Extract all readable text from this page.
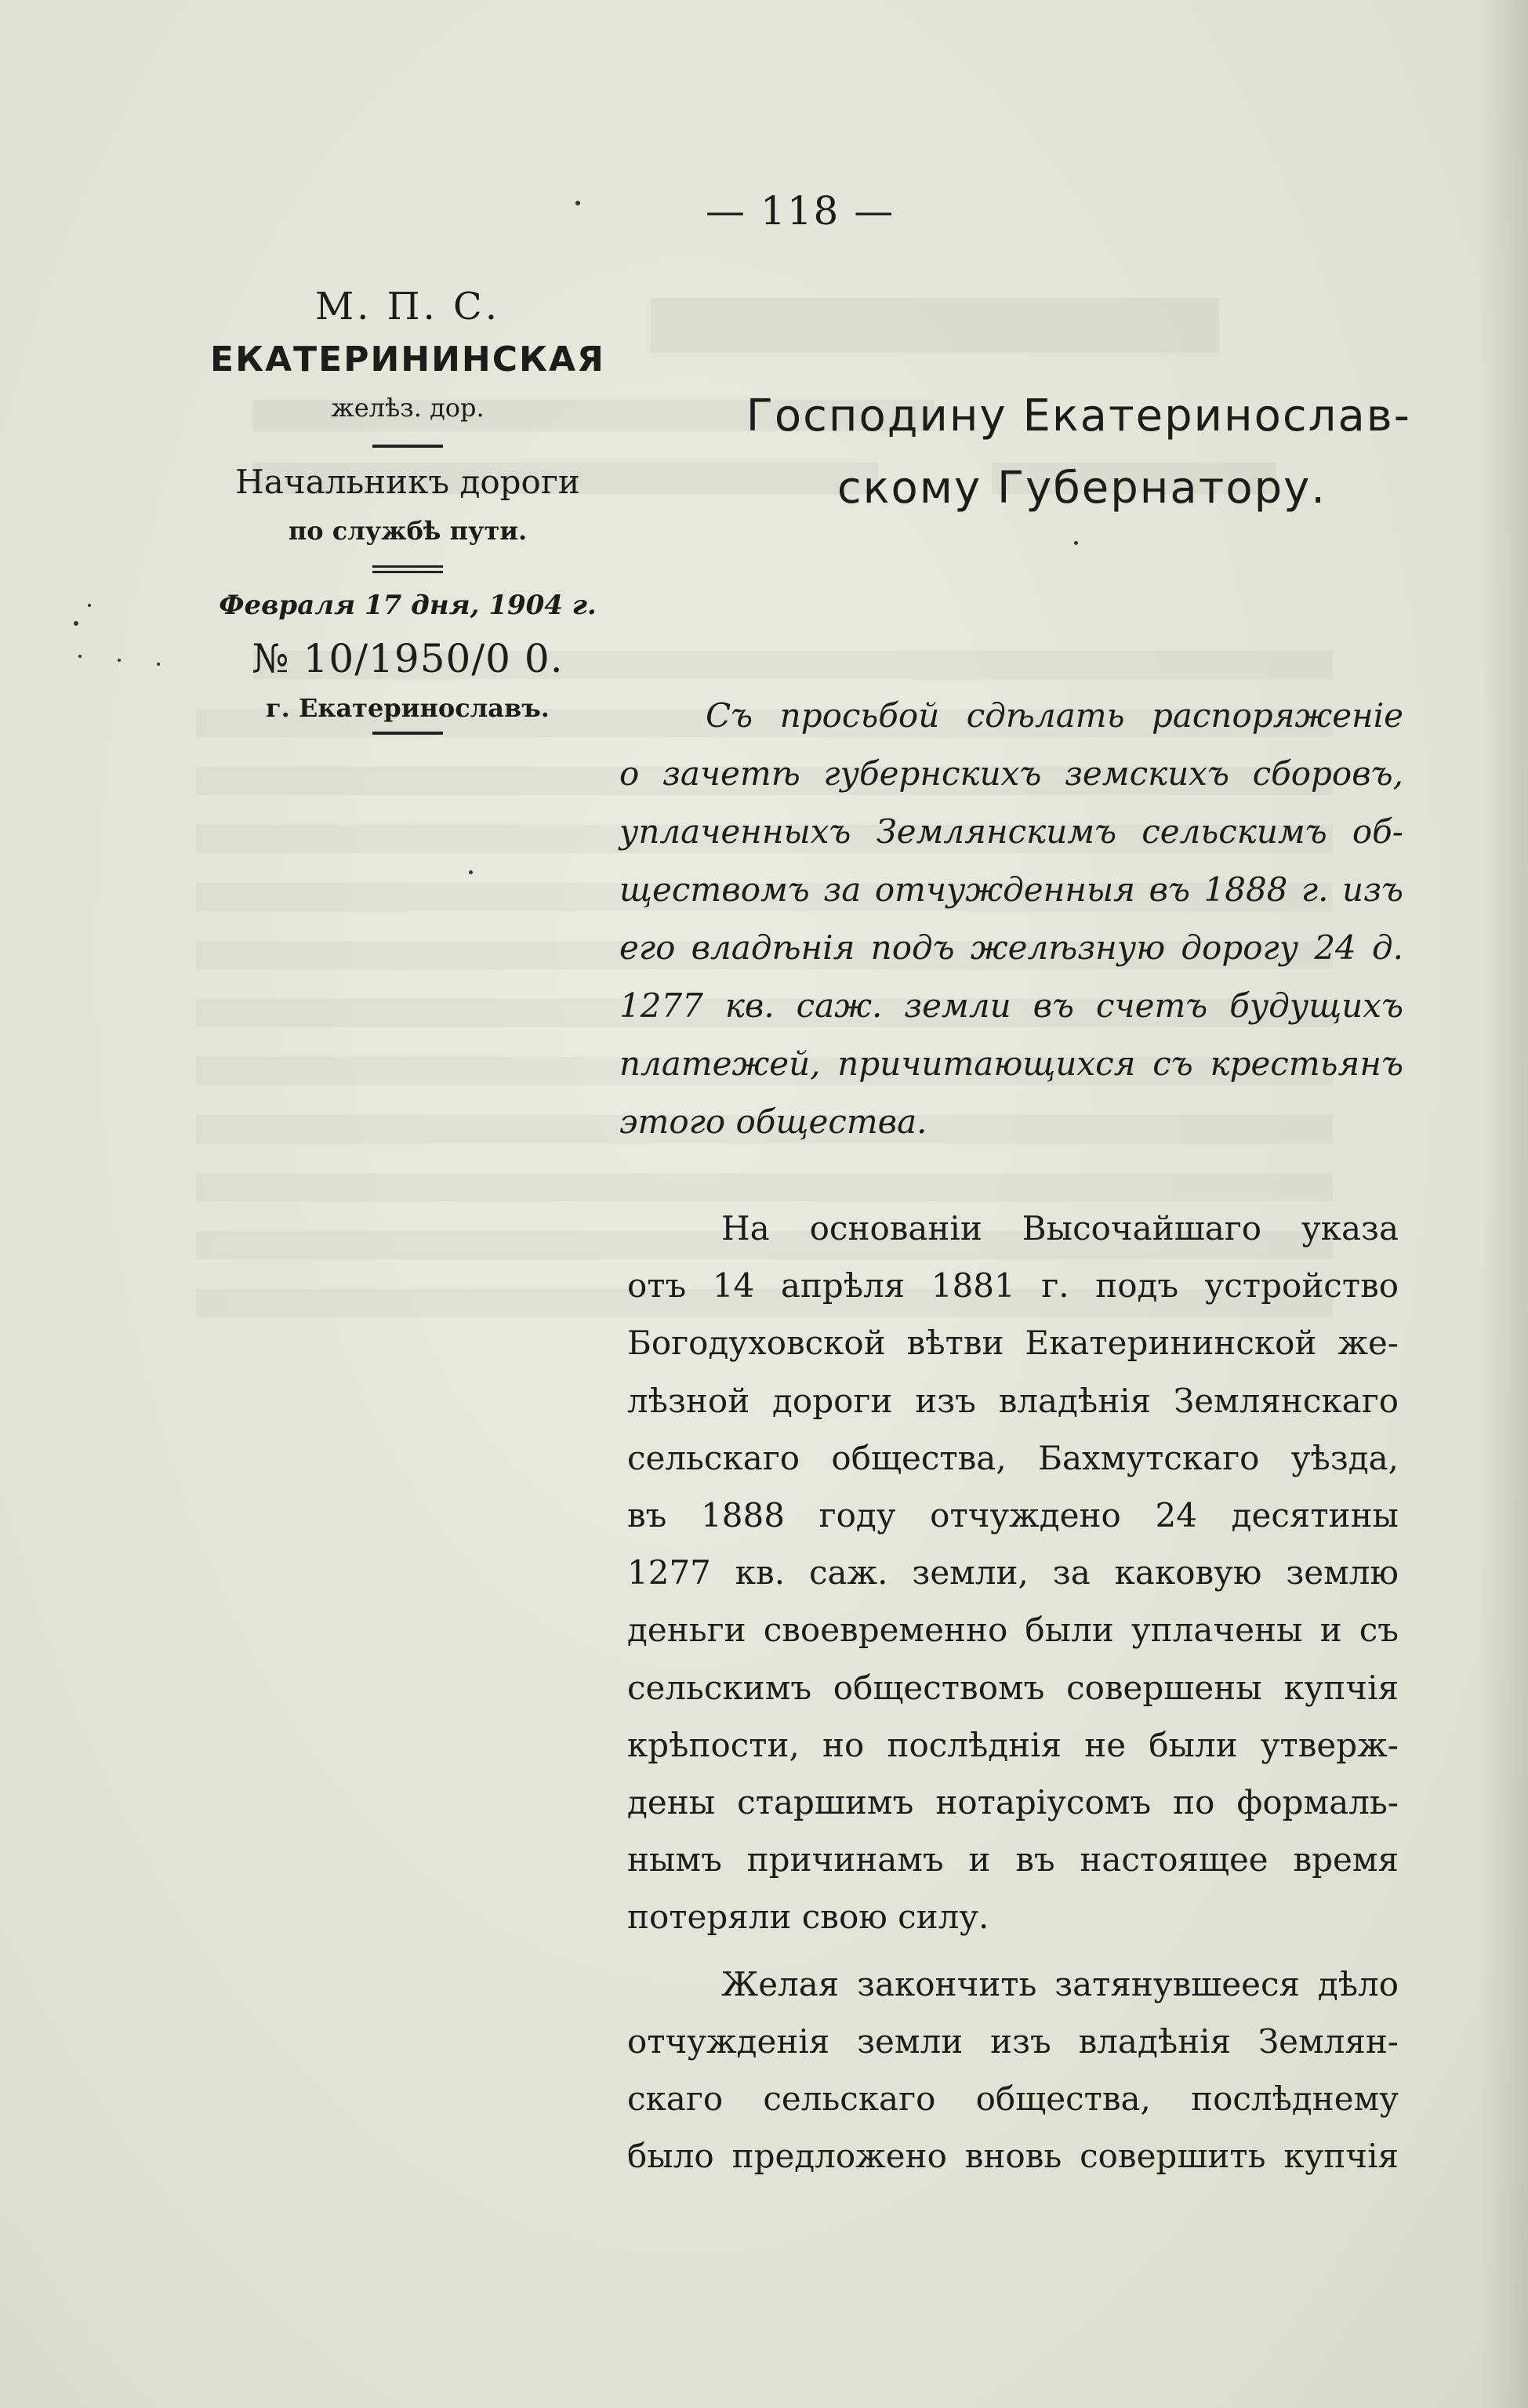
— 118 —
М. П. С.
ЕКАТЕРИНИНСКАЯ
желѣз. дор.
Начальникъ дороги
по службѣ пути.
Февраля 17 дня, 1904 г.
№ 10/1950/0 0.
г. Екатеринославъ.
Господину Екатеринослав-
скому Губернатору.
Съ просьбой сдѣлать распоряженіе
о зачетѣ губернскихъ земскихъ сборовъ,
уплаченныхъ Землянскимъ сельскимъ об-
ществомъ за отчужденныя въ 1888 г. изъ
его владѣнія подъ желѣзную дорогу 24 д.
1277 кв. саж. земли въ счетъ будущихъ
платежей, причитающихся съ крестьянъ
этого общества.
На основаніи Высочайшаго указа
отъ 14 апрѣля 1881 г. подъ устройство
Богодуховской вѣтви Екатерининской же-
лѣзной дороги изъ владѣнія Землянскаго
сельскаго общества, Бахмутскаго уѣзда,
въ 1888 году отчуждено 24 десятины
1277 кв. саж. земли, за каковую землю
деньги своевременно были уплачены и съ
сельскимъ обществомъ совершены купчія
крѣпости, но послѣднія не были утверж-
дены старшимъ нотаріусомъ по формаль-
нымъ причинамъ и въ настоящее время
потеряли свою силу.
Желая закончить затянувшееся дѣло
отчужденія земли изъ владѣнія Землян-
скаго сельскаго общества, послѣднему
было предложено вновь совершить купчія
